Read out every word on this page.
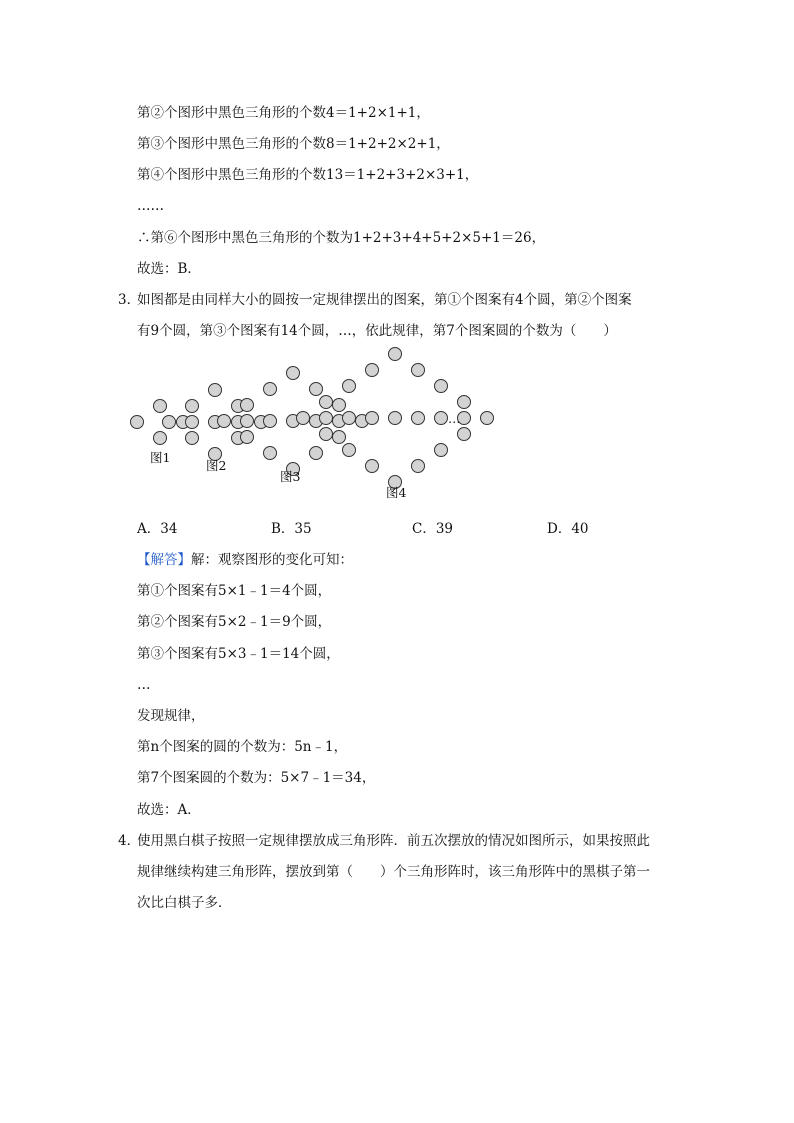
第②个图形中黑色三角形的个数4＝1+2×1+1，
第③个图形中黑色三角形的个数8＝1+2+2×2+1，
第④个图形中黑色三角形的个数13＝1+2+3+2×3+1，
……
∴第⑥个图形中黑色三角形的个数为1+2+3+4+5+2×5+1＝26，
故选：B．
3．
如图都是由同样大小的圆按一定规律摆出的图案，第①个图案有4个圆，第②个图案
有9个圆，第③个图案有14个圆，…，依此规律，第7个图案圆的个数为（　　）
图1
图2
图3
图4
…
A．34	B．35	C．39	D．40
【解答】解：观察图形的变化可知：
第①个图案有5×1﹣1＝4个圆，
第②个图案有5×2﹣1＝9个圆，
第③个图案有5×3﹣1＝14个圆，
…
发现规律，
第n个图案的圆的个数为：5n﹣1，
第7个图案圆的个数为：5×7﹣1＝34，
故选：A．
4．
使用黑白棋子按照一定规律摆放成三角形阵．前五次摆放的情况如图所示，如果按照此
规律继续构建三角形阵，摆放到第（　　）个三角形阵时，该三角形阵中的黑棋子第一
次比白棋子多．
